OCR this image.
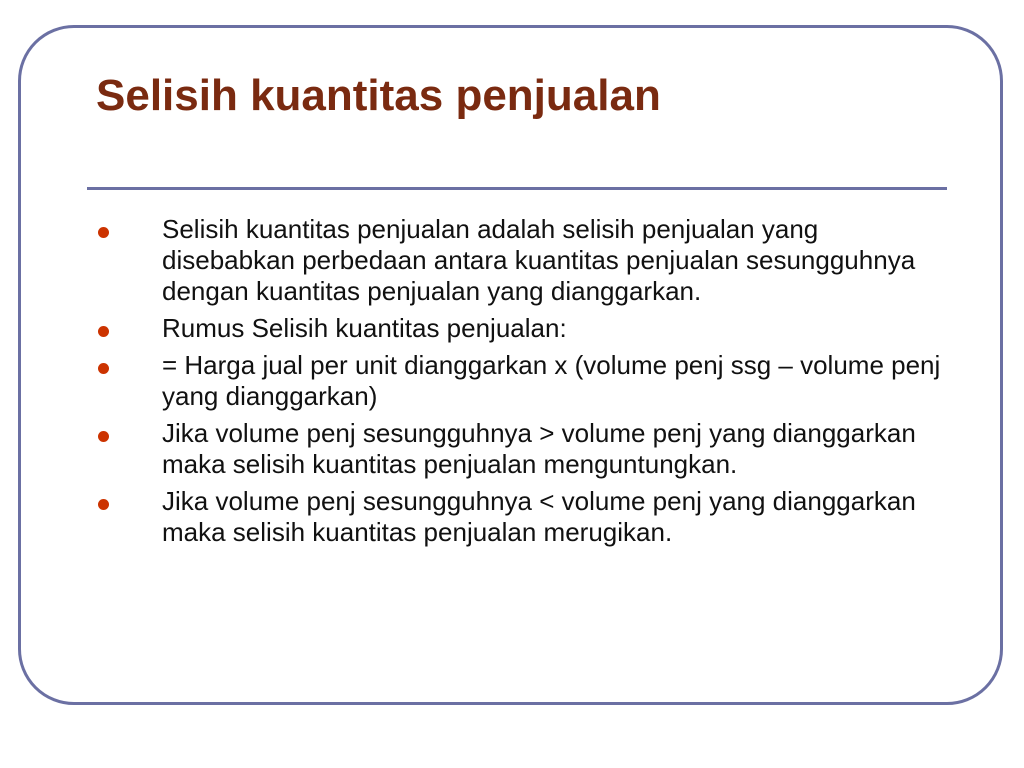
Selisih kuantitas penjualan
Selisih kuantitas penjualan adalah selisih penjualan yang disebabkan perbedaan antara kuantitas penjualan sesungguhnya dengan kuantitas penjualan yang dianggarkan.
Rumus Selisih kuantitas penjualan:
= Harga jual per unit dianggarkan x (volume penj ssg – volume penj yang dianggarkan)
Jika volume penj sesungguhnya > volume penj yang dianggarkan maka selisih kuantitas penjualan menguntungkan.
Jika volume penj sesungguhnya < volume penj yang dianggarkan maka selisih kuantitas penjualan merugikan.
